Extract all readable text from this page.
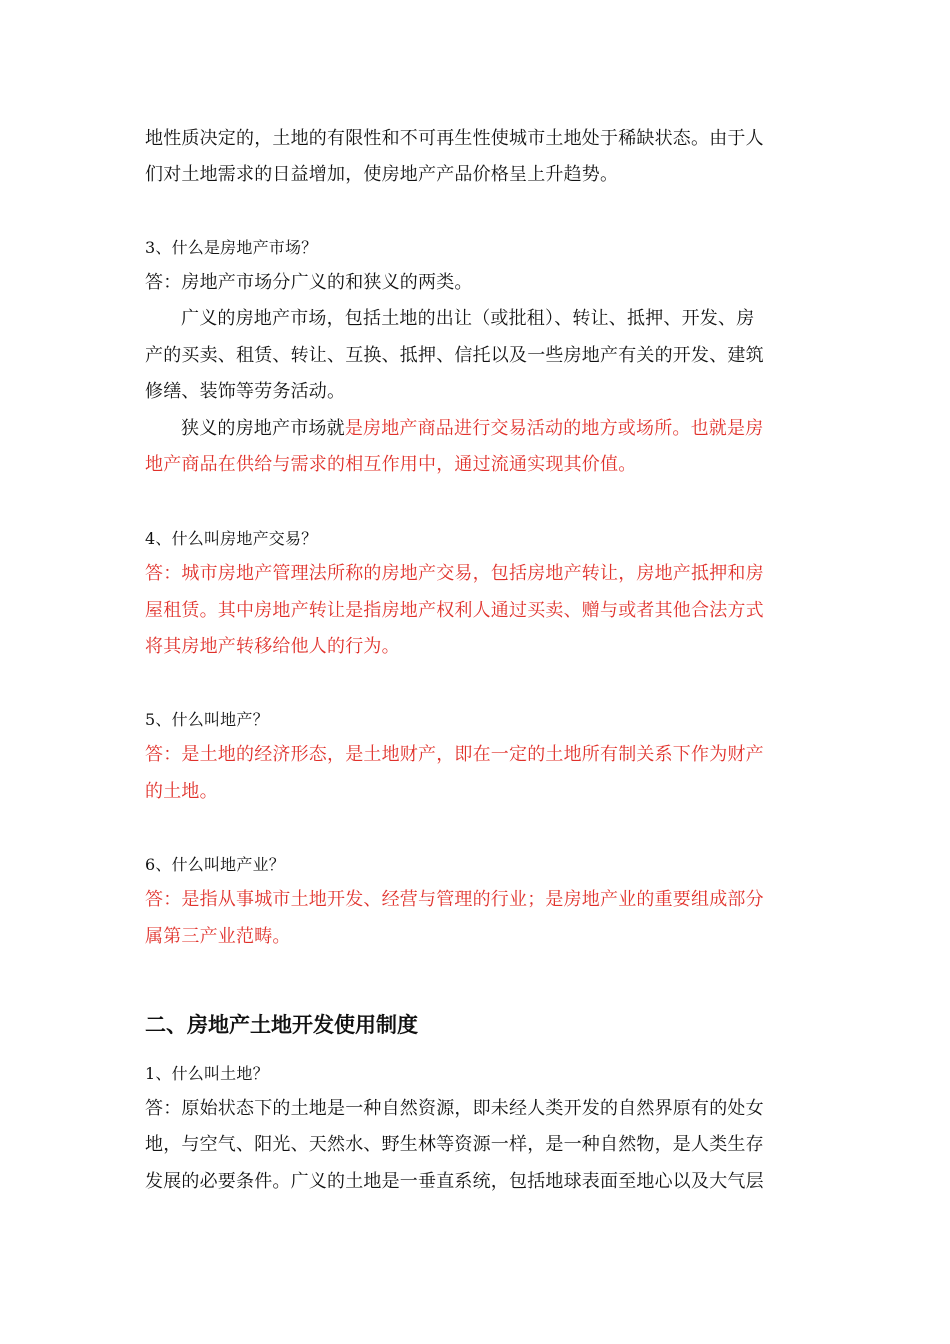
地性质决定的，土地的有限性和不可再生性使城市土地处于稀缺状态。由于人
们对土地需求的日益增加，使房地产产品价格呈上升趋势。
3、什么是房地产市场？
答：房地产市场分广义的和狭义的两类。
广义的房地产市场，包括土地的出让（或批租）、转让、抵押、开发、房
产的买卖、租赁、转让、互换、抵押、信托以及一些房地产有关的开发、建筑
修缮、装饰等劳务活动。
狭义的房地产市场就是房地产商品进行交易活动的地方或场所。也就是房
地产商品在供给与需求的相互作用中，通过流通实现其价值。
4、什么叫房地产交易？
答：城市房地产管理法所称的房地产交易，包括房地产转让，房地产抵押和房
屋租赁。其中房地产转让是指房地产权利人通过买卖、赠与或者其他合法方式
将其房地产转移给他人的行为。
5、什么叫地产？
答：是土地的经济形态，是土地财产，即在一定的土地所有制关系下作为财产
的土地。
6、什么叫地产业？
答：是指从事城市土地开发、经营与管理的行业；是房地产业的重要组成部分
属第三产业范畴。
二、房地产土地开发使用制度
1、什么叫土地？
答：原始状态下的土地是一种自然资源，即未经人类开发的自然界原有的处女
地，与空气、阳光、天然水、野生林等资源一样，是一种自然物，是人类生存
发展的必要条件。广义的土地是一垂直系统，包括地球表面至地心以及大气层
